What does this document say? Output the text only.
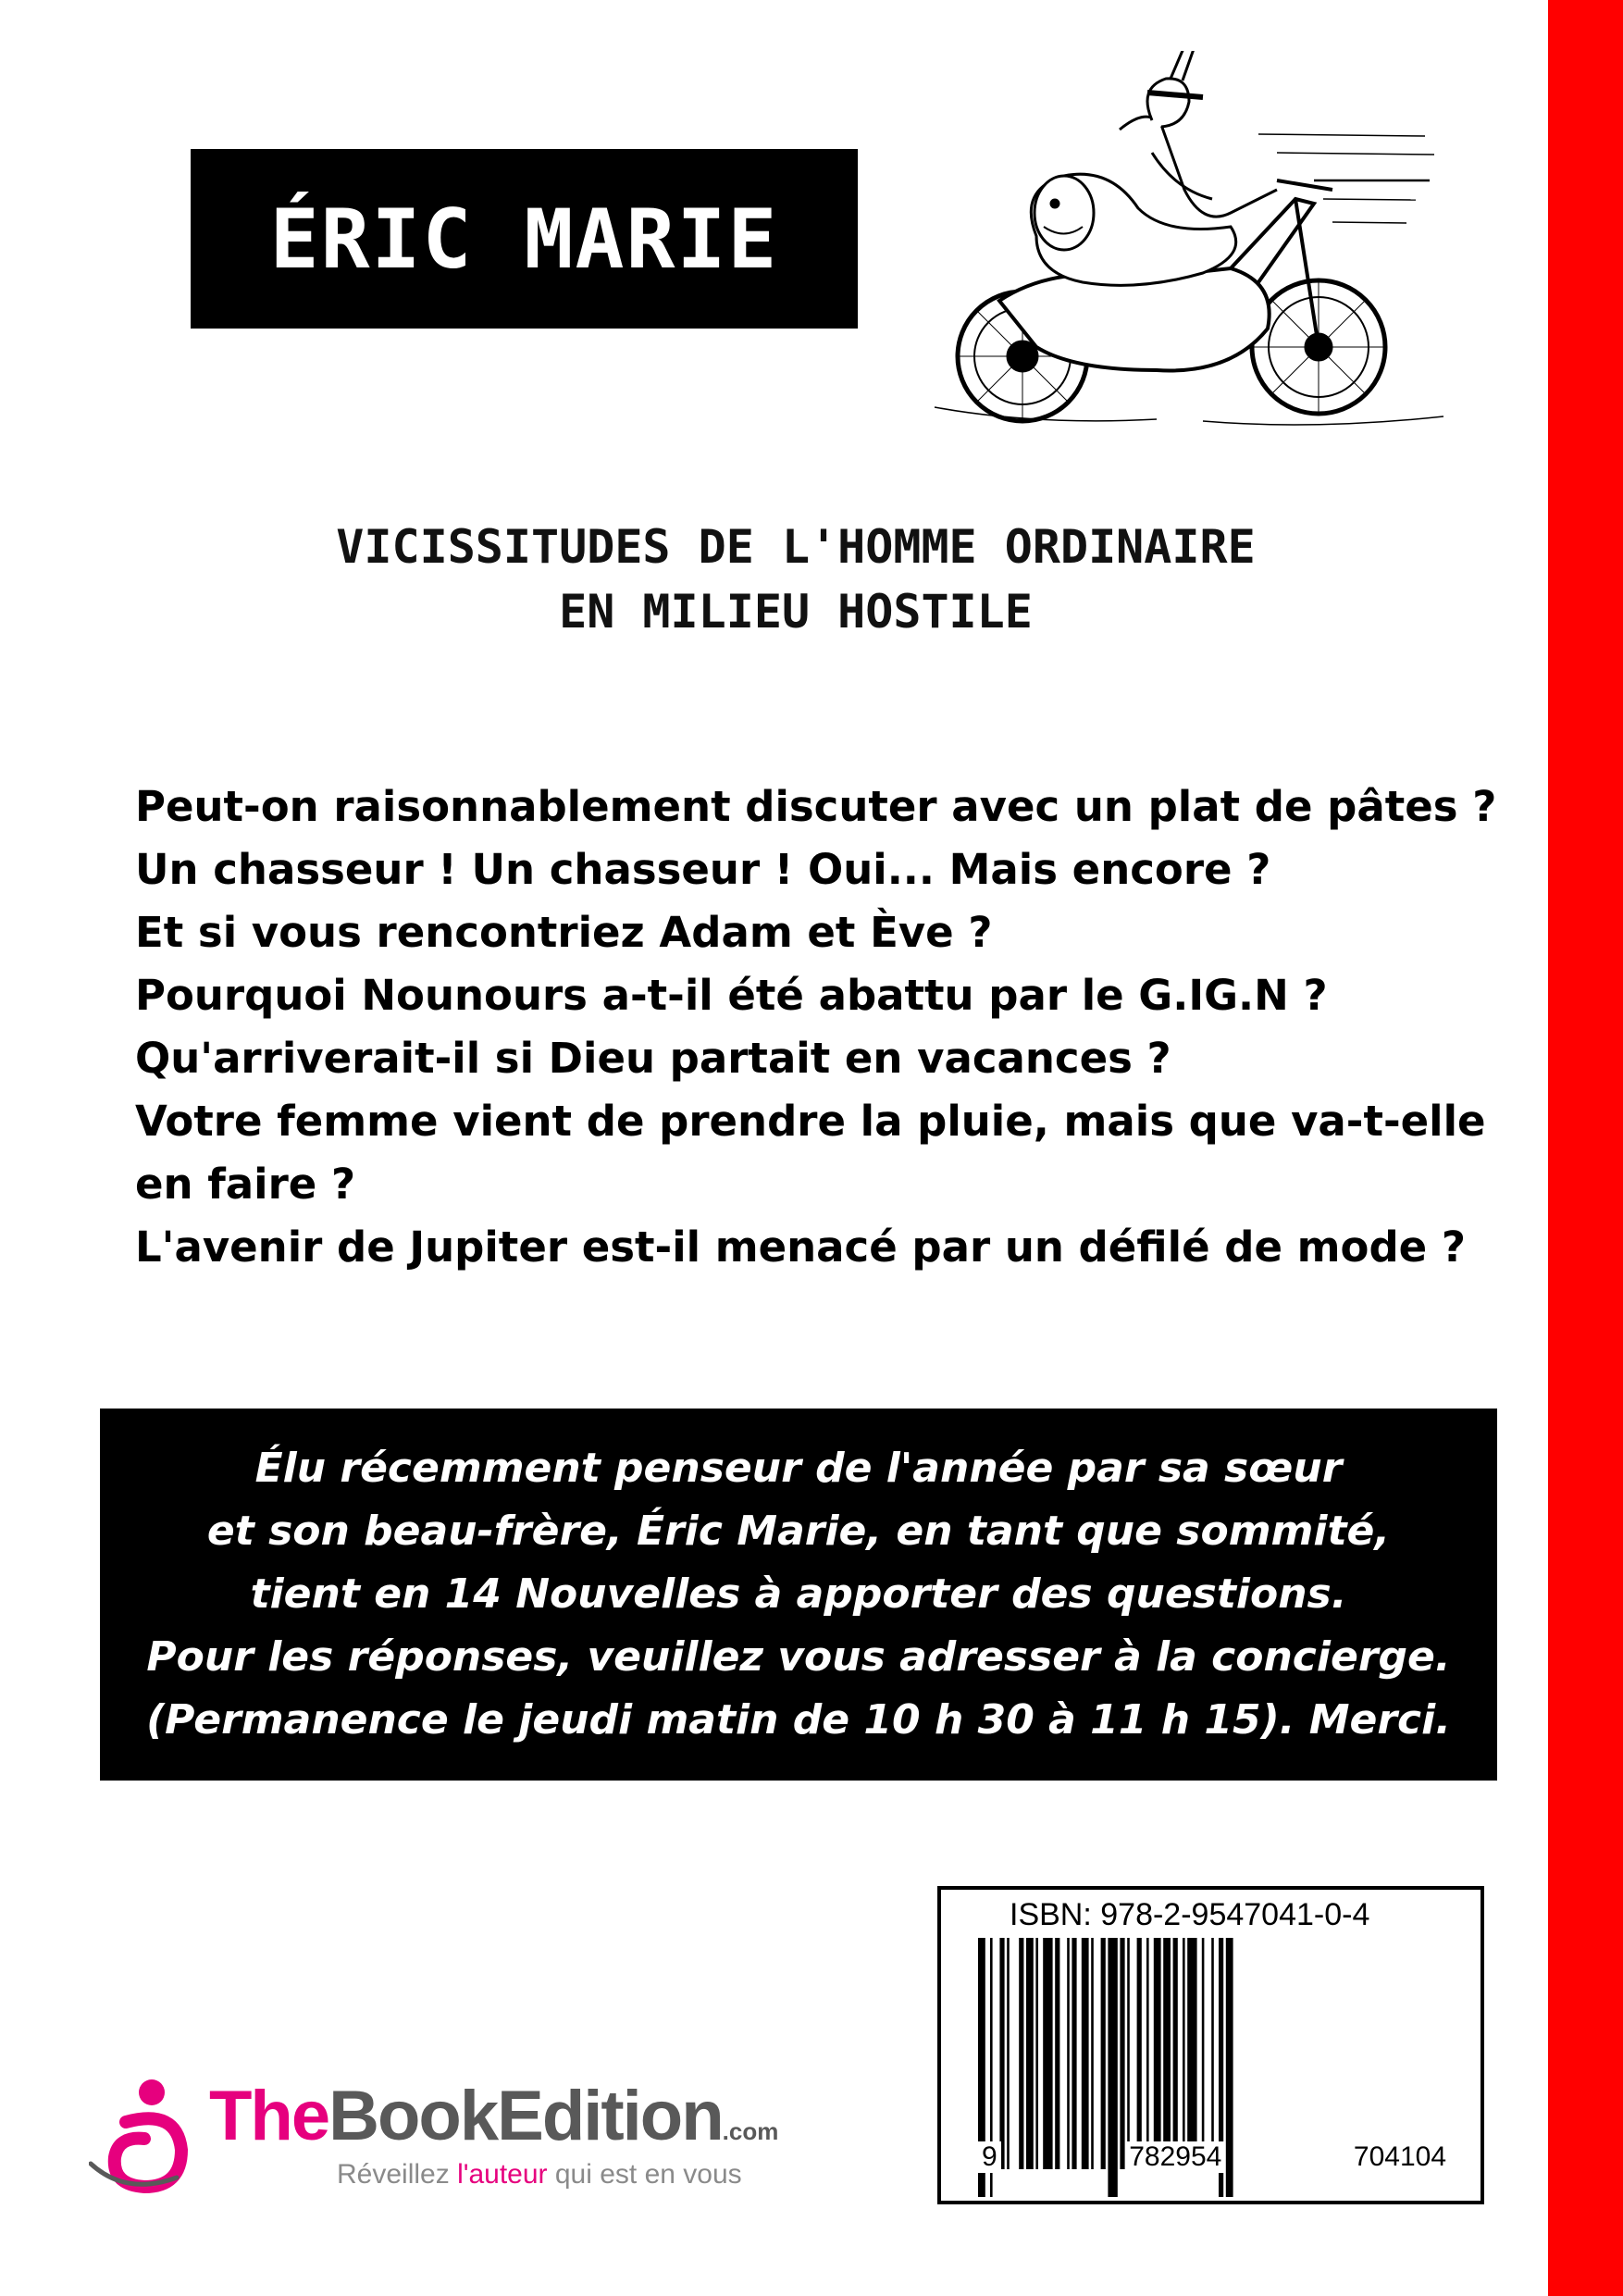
ÉRIC MARIE
VICISSITUDES DE L'HOMME ORDINAIRE
EN MILIEU HOSTILE
Peut-on raisonnablement discuter avec un plat de pâtes ?
Un chasseur ! Un chasseur ! Oui... Mais encore ?
Et si vous rencontriez Adam et Ève ?
Pourquoi Nounours a-t-il été abattu par le G.IG.N ?
Qu'arriverait-il si Dieu partait en vacances ?
Votre femme vient de prendre la pluie, mais que va-t-elle
en faire ?
L'avenir de Jupiter est-il menacé par un défilé de mode ?
Élu récemment penseur de l'année par sa sœur
et son beau-frère, Éric Marie, en tant que sommité,
tient en 14 Nouvelles à apporter des questions.
Pour les réponses, veuillez vous adresser à la concierge.
(Permanence le jeudi matin de 10 h 30 à 11 h 15). Merci.
ISBN: 978-2-9547041-0-4
9	782954	704104
TheBookEdition.com
Réveillez l'auteur qui est en vous
